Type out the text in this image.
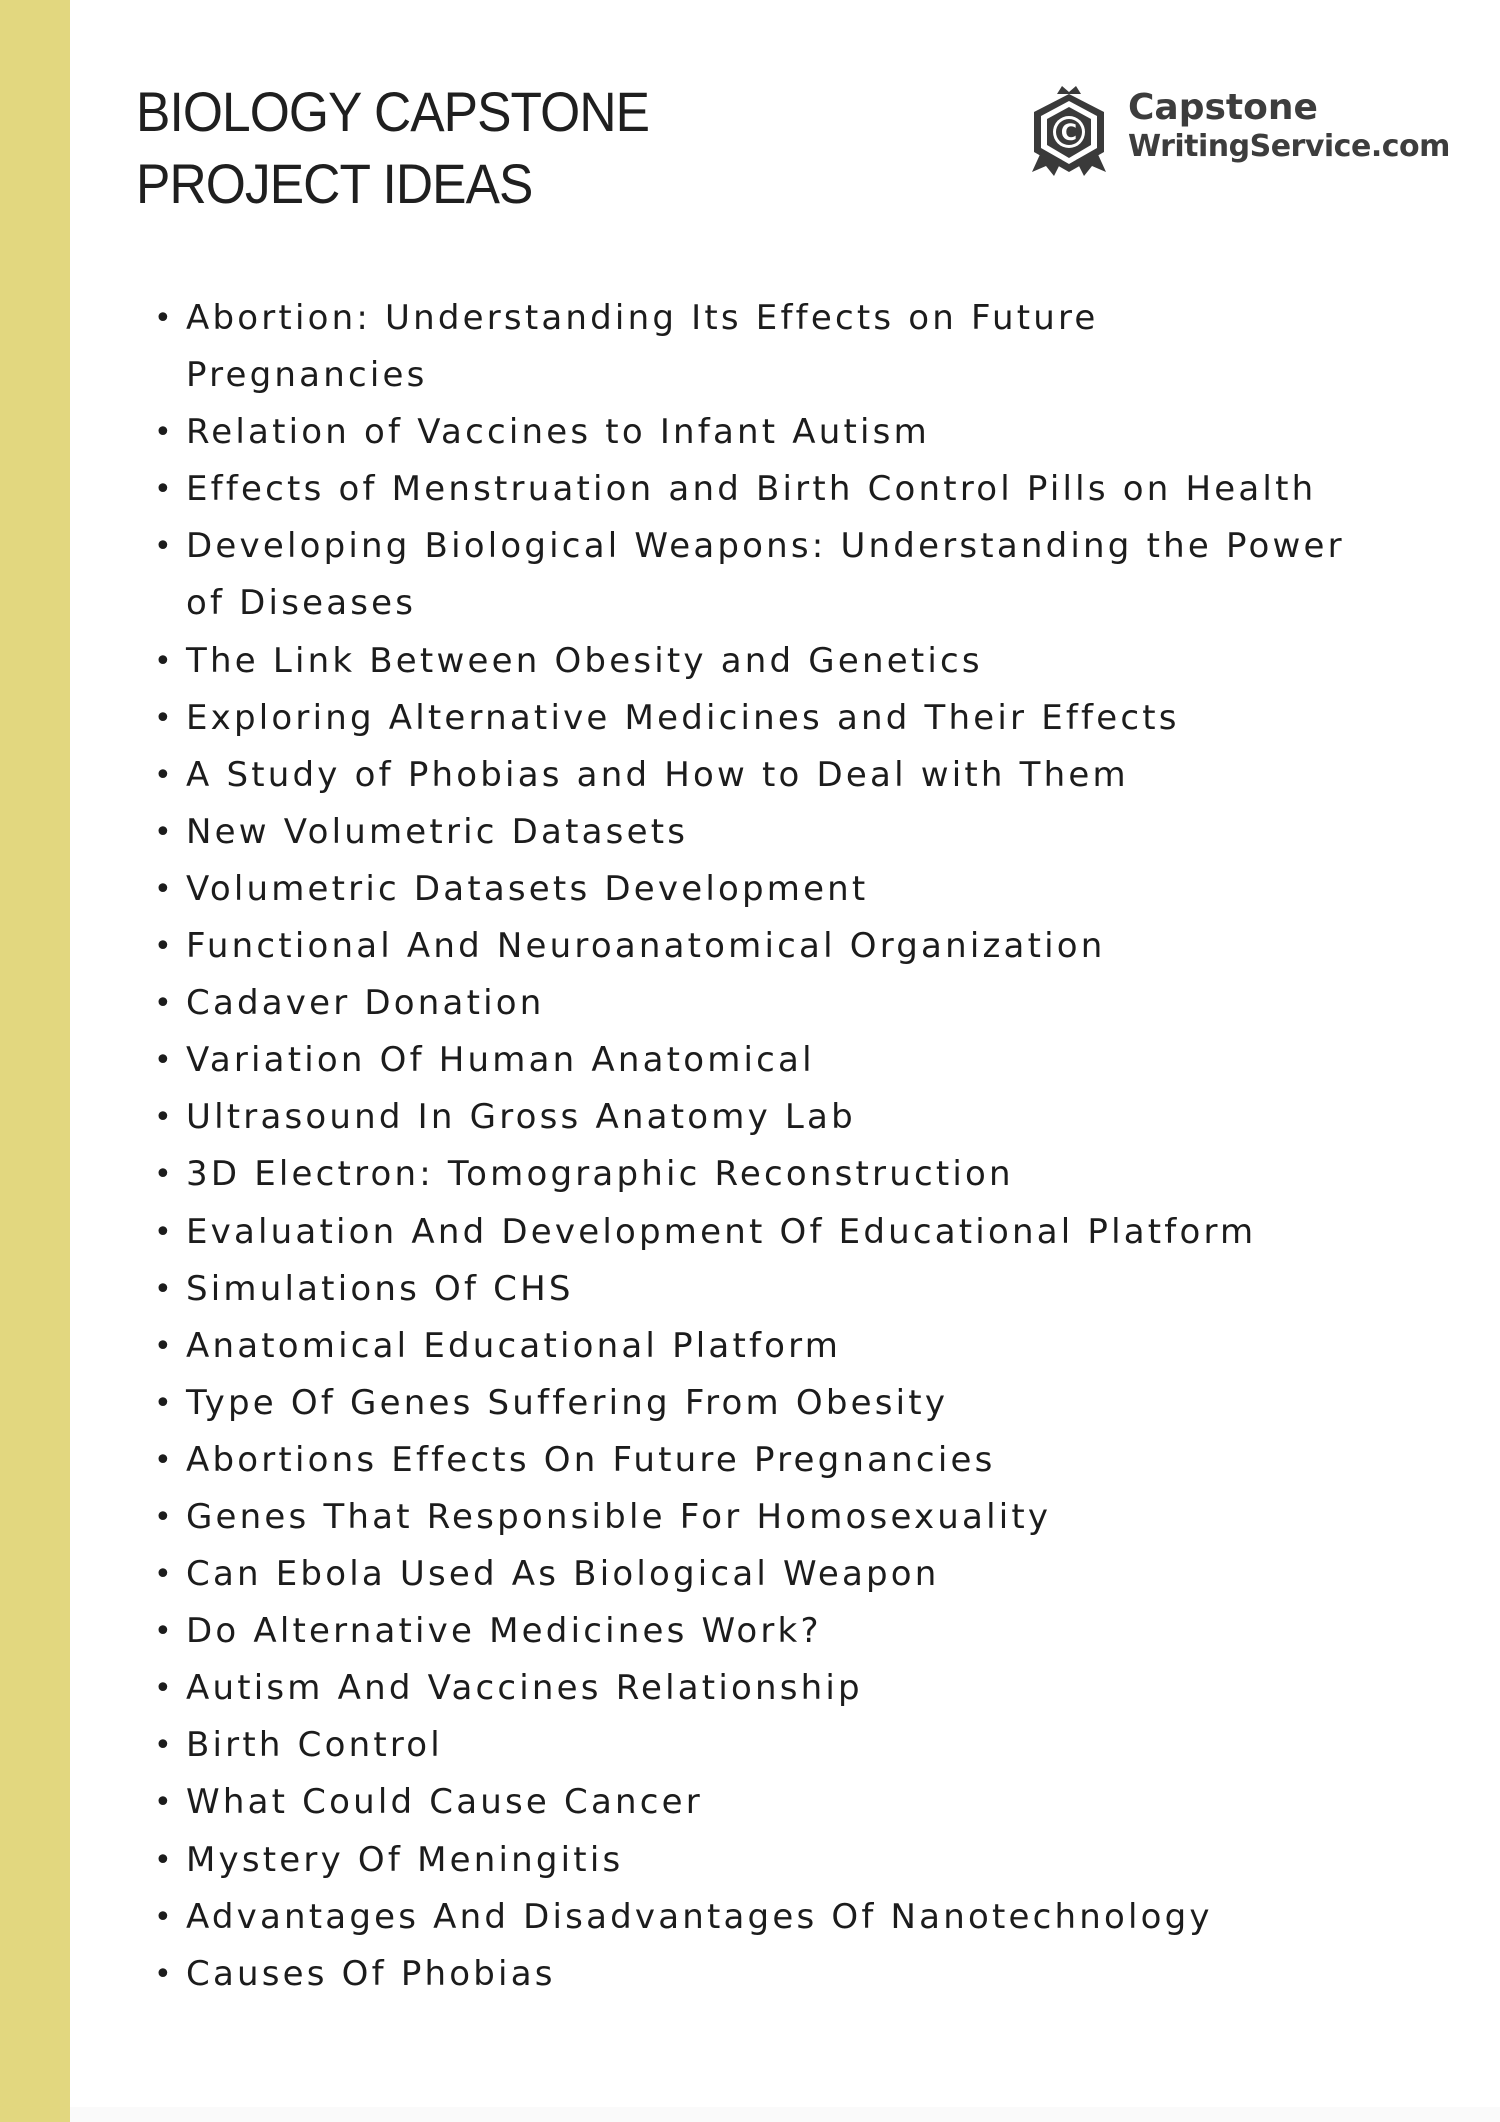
BIOLOGY CAPSTONE
PROJECT IDEAS
C
Capstone
WritingService.com
• Abortion: Understanding Its Effects on Future Pregnancies
• Relation of Vaccines to Infant Autism
• Effects of Menstruation and Birth Control Pills on Health
• Developing Biological Weapons: Understanding the Power of Diseases
• The Link Between Obesity and Genetics
• Exploring Alternative Medicines and Their Effects
• A Study of Phobias and How to Deal with Them
• New Volumetric Datasets
• Volumetric Datasets Development
• Functional And Neuroanatomical Organization
• Cadaver Donation
• Variation Of Human Anatomical
• Ultrasound In Gross Anatomy Lab
• 3D Electron: Tomographic Reconstruction
• Evaluation And Development Of Educational Platform
• Simulations Of CHS
• Anatomical Educational Platform
• Type Of Genes Suffering From Obesity
• Abortions Effects On Future Pregnancies
• Genes That Responsible For Homosexuality
• Can Ebola Used As Biological Weapon
• Do Alternative Medicines Work?
• Autism And Vaccines Relationship
• Birth Control
• What Could Cause Cancer
• Mystery Of Meningitis
• Advantages And Disadvantages Of Nanotechnology
• Causes Of Phobias
